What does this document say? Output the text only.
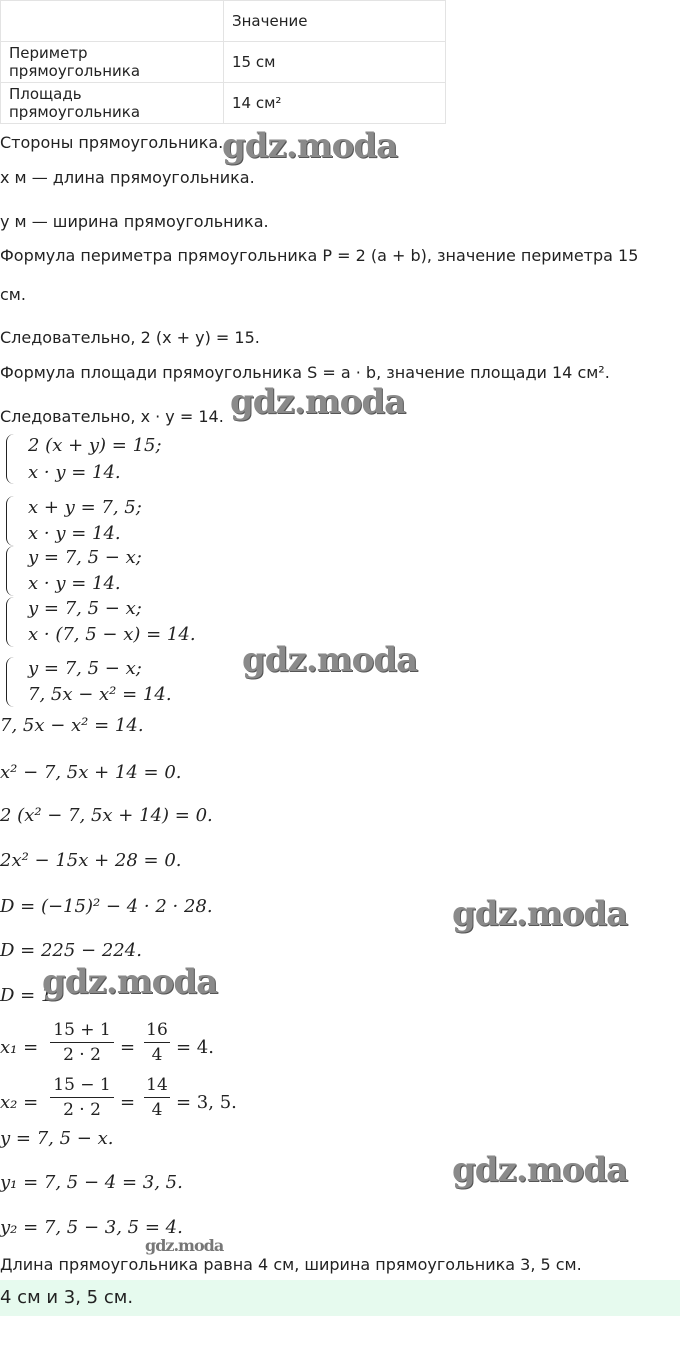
	Значение
Периметр прямоугольника	15 см
Площадь прямоугольника	14 см²
Стороны прямоугольника.
x м — длина прямоугольника.
y м — ширина прямоугольника.
Формула периметра прямоугольника P = 2 (a + b), значение периметра 15
см.
Следовательно, 2 (x + y) = 15.
Формула площади прямоугольника S = a · b, значение площади 14 см².
Следовательно, x · y = 14.
2 (x + y) = 15;
x · y = 14.
x + y = 7, 5;
x · y = 14.
y = 7, 5 − x;
x · y = 14.
y = 7, 5 − x;
x · (7, 5 − x) = 14.
y = 7, 5 − x;
7, 5x − x² = 14.
7, 5x − x² = 14.
x² − 7, 5x + 14 = 0.
2 (x² − 7, 5x + 14) = 0.
2x² − 15x + 28 = 0.
D = (−15)² − 4 · 2 · 28.
D = 225 − 224.
D = 1.
x₁ =
15 + 1
2 · 2	=
16
4 = 4.
x₂ =
15 − 1
2 · 2	=
14
4 = 3, 5.
y = 7, 5 − x.
y₁ = 7, 5 − 4 = 3, 5.
y₂ = 7, 5 − 3, 5 = 4.
Длина прямоугольника равна 4 см, ширина прямоугольника 3, 5 см.
4 см и 3, 5 см.
gdz.moda
gdz.moda
gdz.moda
gdz.moda
gdz.moda
gdz.moda
gdz.moda
